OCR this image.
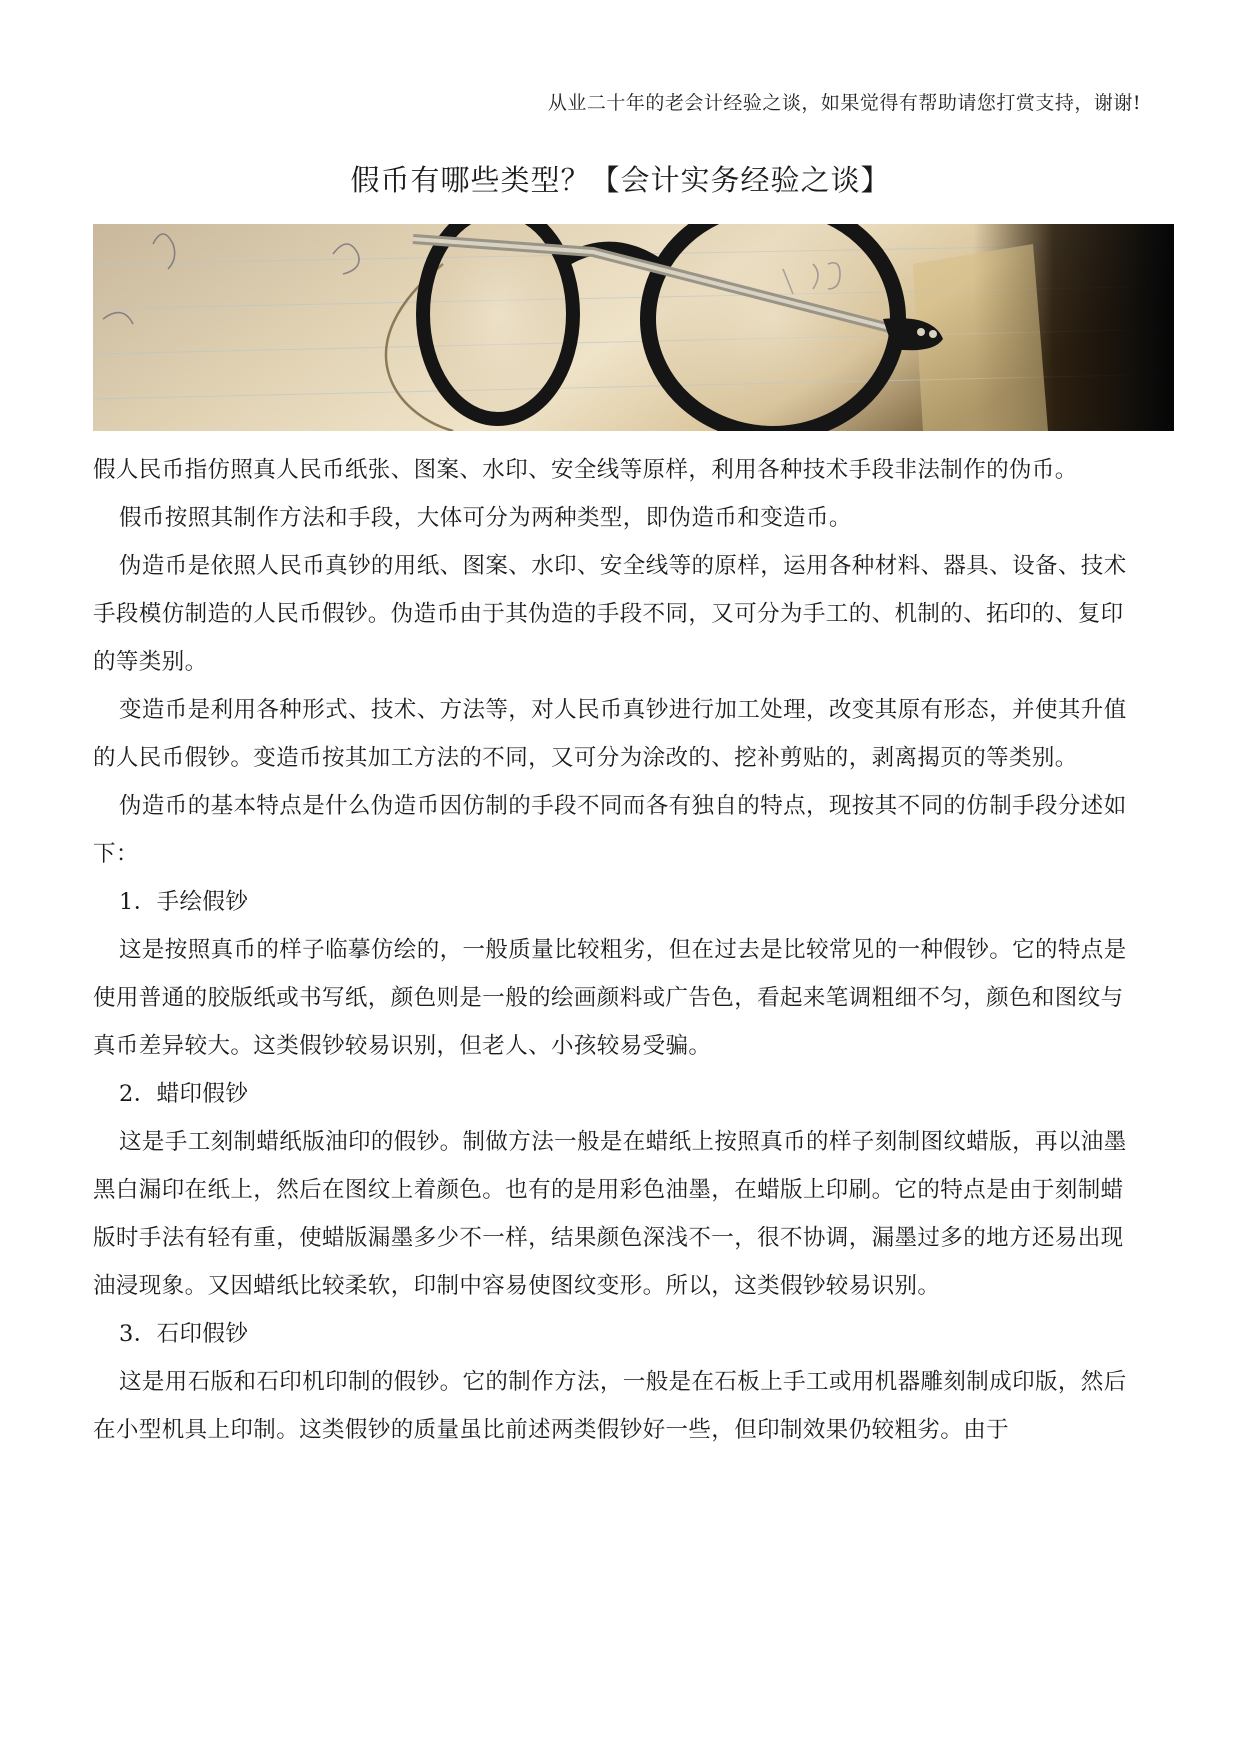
从业二十年的老会计经验之谈，如果觉得有帮助请您打赏支持，谢谢!
假币有哪些类型？【会计实务经验之谈】

假人民币指仿照真人民币纸张、图案、水印、安全线等原样，利用各种技术手段非法制作的伪币。

假币按照其制作方法和手段，大体可分为两种类型，即伪造币和变造币。

伪造币是依照人民币真钞的用纸、图案、水印、安全线等的原样，运用各种材料、器具、设备、技术手段模仿制造的人民币假钞。伪造币由于其伪造的手段不同，又可分为手工的、机制的、拓印的、复印的等类别。

变造币是利用各种形式、技术、方法等，对人民币真钞进行加工处理，改变其原有形态，并使其升值的人民币假钞。变造币按其加工方法的不同，又可分为涂改的、挖补剪贴的，剥离揭页的等类别。

伪造币的基本特点是什么伪造币因仿制的手段不同而各有独自的特点，现按其不同的仿制手段分述如下：

1．手绘假钞

这是按照真币的样子临摹仿绘的，一般质量比较粗劣，但在过去是比较常见的一种假钞。它的特点是使用普通的胶版纸或书写纸，颜色则是一般的绘画颜料或广告色，看起来笔调粗细不匀，颜色和图纹与真币差异较大。这类假钞较易识别，但老人、小孩较易受骗。

2．蜡印假钞

这是手工刻制蜡纸版油印的假钞。制做方法一般是在蜡纸上按照真币的样子刻制图纹蜡版，再以油墨黑白漏印在纸上，然后在图纹上着颜色。也有的是用彩色油墨，在蜡版上印刷。它的特点是由于刻制蜡版时手法有轻有重，使蜡版漏墨多少不一样，结果颜色深浅不一，很不协调，漏墨过多的地方还易出现油浸现象。又因蜡纸比较柔软，印制中容易使图纹变形。所以，这类假钞较易识别。

3．石印假钞

这是用石版和石印机印制的假钞。它的制作方法，一般是在石板上手工或用机器雕刻制成印版，然后在小型机具上印制。这类假钞的质量虽比前述两类假钞好一些，但印制效果仍较粗劣。由于
